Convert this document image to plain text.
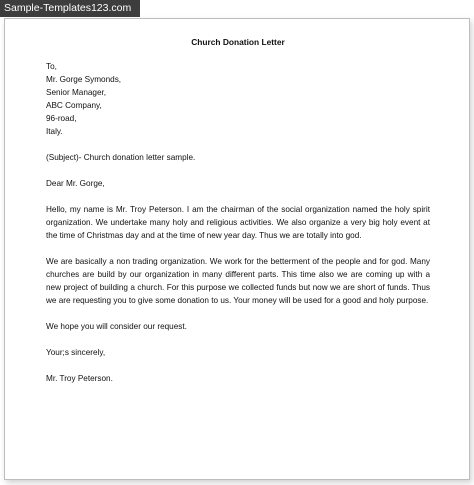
Sample-Templates123.com
Church Donation Letter
To,
Mr. Gorge Symonds,
Senior Manager,
ABC Company,
96-road,
Italy.
(Subject)- Church donation letter sample.
Dear Mr. Gorge,

Hello, my name is Mr. Troy Peterson. I am the chairman of the social organization named the holy spirit organization. We undertake many holy and religious activities. We also organize a very big holy event at the time of Christmas day and at the time of new year day. Thus we are totally into god.

We are basically a non trading organization. We work for the betterment of the people and for god. Many churches are build by our organization in many different parts. This time also we are coming up with a new project of building a church. For this purpose we collected funds but now we are short of funds. Thus we are requesting you to give some donation to us. Your money will be used for a good and holy purpose.

We hope you will consider our request.

Your;s sincerely,
Mr. Troy Peterson.
